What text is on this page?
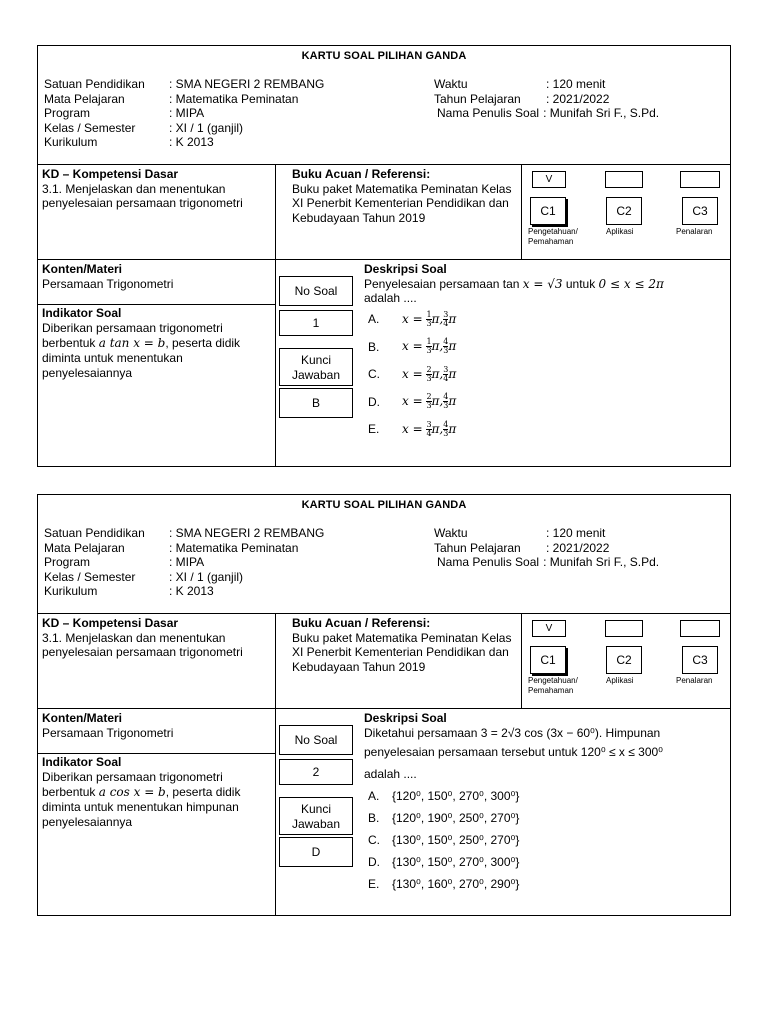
KARTU SOAL PILIHAN GANDA
Satuan Pendidikan	: SMA NEGERI 2 REMBANG
Mata Pelajaran	: Matematika Peminatan
Program	: MIPA
Kelas / Semester	: XI / 1 (ganjil)
Kurikulum	: K 2013
Waktu	: 120 menit
Tahun Pelajaran	: 2021/2022
Nama Penulis Soal : Munifah Sri F., S.Pd.
KD – Kompetensi Dasar
3.1. Menjelaskan dan menentukan penyelesaian persamaan trigonometri
Buku Acuan / Referensi:
Buku paket Matematika Peminatan Kelas XI Penerbit Kementerian Pendidikan dan Kebudayaan Tahun 2019
V
C1	C2	C3
Pengetahuan/
Pemahaman
Aplikasi	Penalaran
Konten/Materi
Persamaan Trigonometri
Indikator Soal
Diberikan persamaan trigonometri berbentuk a tan x = b, peserta didik diminta untuk menentukan penyelesaiannya
No Soal
1
Kunci
Jawaban
B
Deskripsi Soal
Penyelesaian persamaan tan x = √3 untuk 0 ≤ x ≤ 2π
adalah ....
A.	$x = \frac{1}{3} \pi$, $\frac{3}{4}$ π
B.	$x = \frac{1}{3} \pi$, $\frac{4}{3}$ π
C.	$x = \frac{2}{3} \pi$, $\frac{3}{4}$ π
D.	$x = \frac{2}{3} \pi$, $\frac{4}{3}$ π
E.	$x = \frac{3}{4} \pi$, $\frac{4}{3}$ π
KARTU SOAL PILIHAN GANDA
Satuan Pendidikan	: SMA NEGERI 2 REMBANG
Mata Pelajaran	: Matematika Peminatan
Program	: MIPA
Kelas / Semester	: XI / 1 (ganjil)
Kurikulum	: K 2013
Waktu	: 120 menit
Tahun Pelajaran	: 2021/2022
Nama Penulis Soal : Munifah Sri F., S.Pd.
KD – Kompetensi Dasar
3.1. Menjelaskan dan menentukan penyelesaian persamaan trigonometri
Buku Acuan / Referensi:
Buku paket Matematika Peminatan Kelas XI Penerbit Kementerian Pendidikan dan Kebudayaan Tahun 2019
V
C1	C2	C3
Pengetahuan/
Pemahaman
Aplikasi	Penalaran
Konten/Materi
Persamaan Trigonometri
Indikator Soal
Diberikan persamaan trigonometri berbentuk a cos x = b, peserta didik diminta untuk menentukan himpunan penyelesaiannya
No Soal
2
Kunci
Jawaban
D
Deskripsi Soal
Diketahui persamaan 3 = 2√3 cos (3x − 60⁰). Himpunan
penyelesaian persamaan tersebut untuk 120⁰ ≤ x ≤ 300⁰
adalah ....
A.	{120⁰, 150⁰, 270⁰, 300⁰}
B.	{120⁰, 190⁰, 250⁰, 270⁰}
C.	{130⁰, 150⁰, 250⁰, 270⁰}
D.	{130⁰, 150⁰, 270⁰, 300⁰}
E.	{130⁰, 160⁰, 270⁰, 290⁰}
